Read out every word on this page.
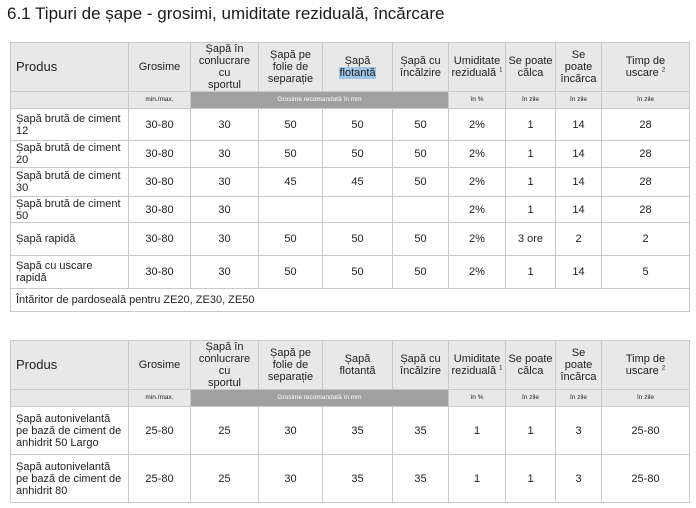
6.1 Tipuri de șape - grosimi, umiditate reziduală, încărcare
Produs	Grosime	Șapă în
conlucrare cu
sportul	Șapă pe
folie de
separație	Șapă
flotantă	Șapă cu
încălzire	Umiditate
reziduală $^1$	Se poate
călca	Se poate
încărca	Timp de
uscare $^2$
	min./max.	Grosime recomandată în mm				în %	în zile	în zile	în zile
Șapă brută de ciment 12	30-80	30	50	50	50	2%	1	14	28
Șapă brută de ciment 20	30-80	30	50	50	50	2%	1	14	28
Șapă brută de ciment 30	30-80	30	45	45	50	2%	1	14	28
Șapă brută de ciment 50	30-80	30				2%	1	14	28
Șapă rapidă	30-80	30	50	50	50	2%	3 ore	2	2
Șapă cu uscare rapidă	30-80	30	50	50	50	2%	1	14	5
Întăritor de pardoseală pentru ZE20, ZE30, ZE50									
Produs	Grosime	Șapă în
conlucrare cu
sportul	Șapă pe
folie de
separație	Șapă
flotantă	Șapă cu
încălzire	Umiditate
reziduală $^1$	Se poate
călca	Se poate
încărca	Timp de
uscare $^2$
	min./max.	Grosime recomandată în mm				în %	în zile	în zile	în zile
Șapă autonivelantă
pe bază de ciment de
anhidrit 50 Largo	25-80	25	30	35	35	1	1	3	25-80
Șapă autonivelantă
pe bază de ciment de
anhidrit 80	25-80	25	30	35	35	1	1	3	25-80
